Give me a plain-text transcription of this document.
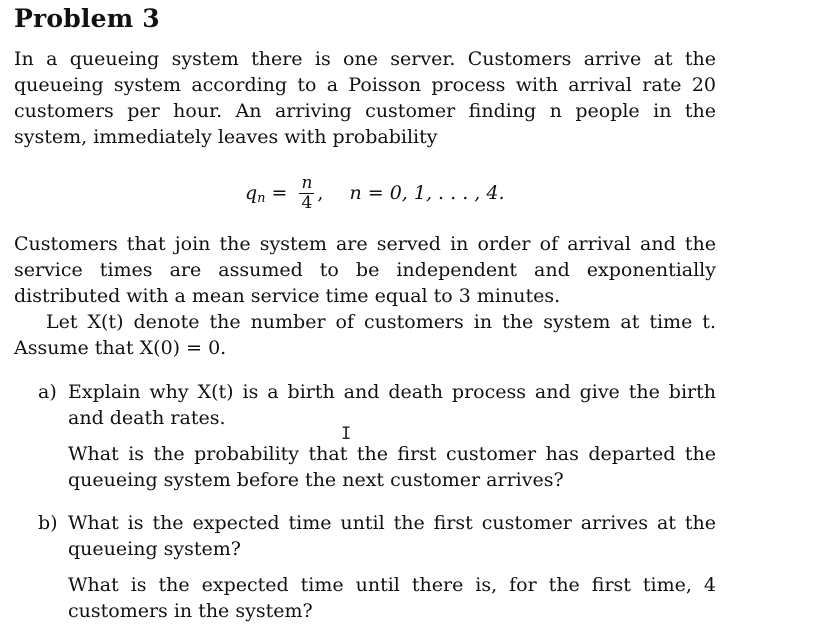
Problem 3

In a queueing system there is one server. Customers arrive at the queueing system according to a Poisson process with arrival rate 20 customers per hour. An arriving customer finding n people in the system, immediately leaves with probability

q $n = \frac{n}{4}$ , n = 0, 1, . . . , 4.

Customers that join the system are served in order of arrival and the service times are assumed to be independent and exponentially distributed with a mean service time equal to 3 minutes.

Let X(t) denote the number of customers in the system at time t. Assume that X(0) = 0.

a) Explain why X(t) is a birth and death process and give the birth and death rates.

What is the probability that the first customer has departed the queueing system before the next customer arrives?

b) What is the expected time until the first customer arrives at the queueing system?

What is the expected time until there is, for the first time, 4 customers in the system?

I
